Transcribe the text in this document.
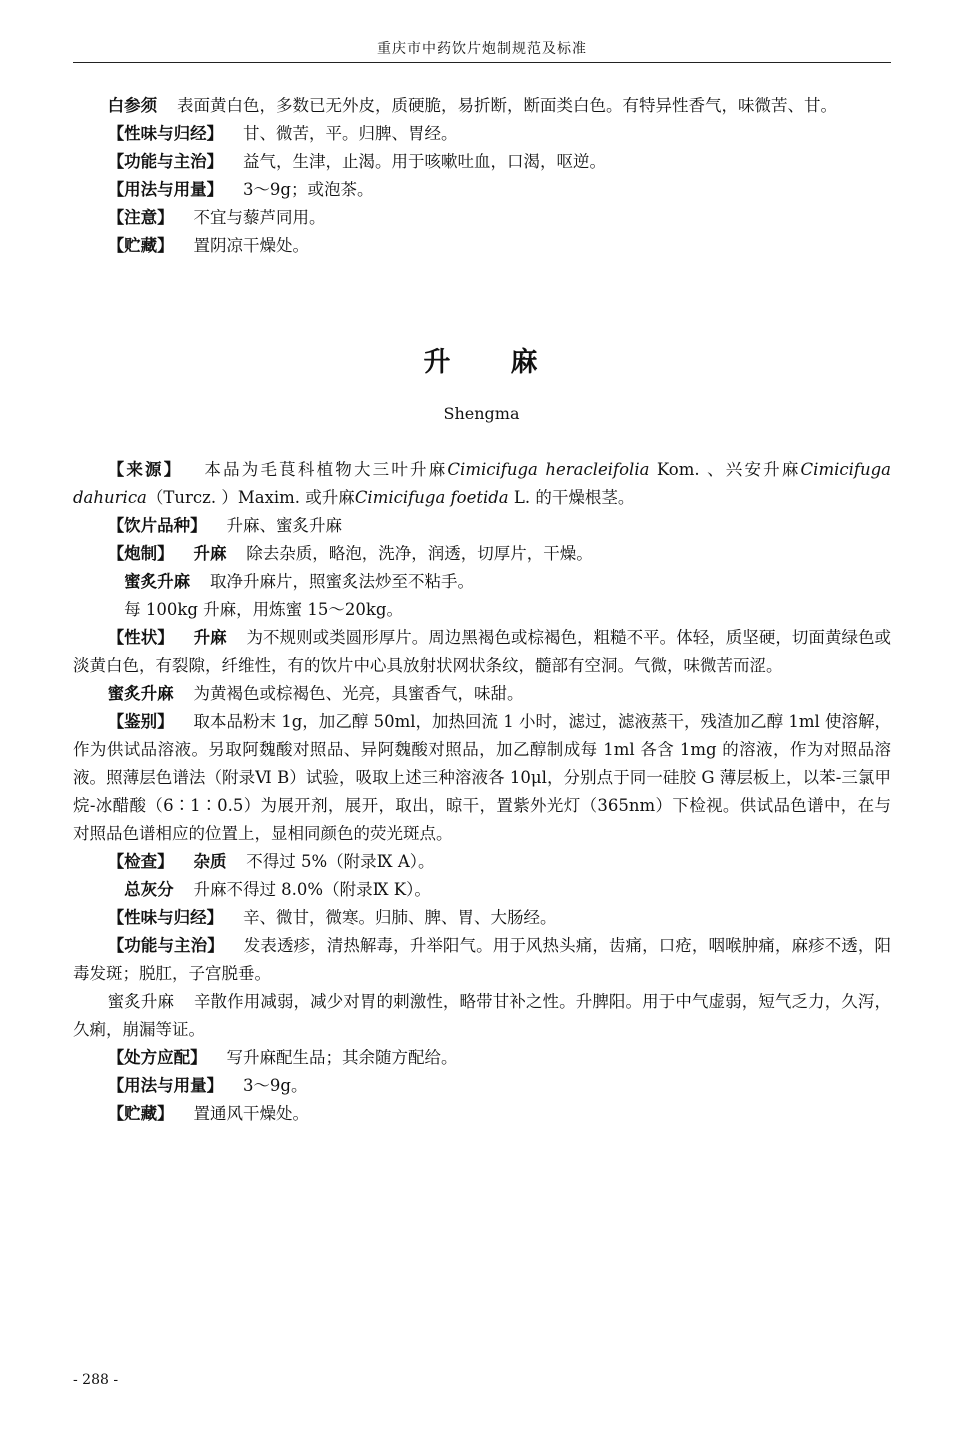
重庆市中药饮片炮制规范及标准

白参须 表面黄白色，多数已无外皮，质硬脆，易折断，断面类白色。有特异性香气，味微苦、甘。

【性味与归经】 甘、微苦，平。归脾、胃经。

【功能与主治】 益气，生津，止渴。用于咳嗽吐血，口渴，呕逆。

【用法与用量】 3～9g；或泡茶。

【注意】 不宜与藜芦同用。

【贮藏】 置阴凉干燥处。

升 麻
Shengma

【来源】 本品为毛茛科植物大三叶升麻Cimicifuga heracleifolia Kom. 、兴安升麻Cimicifuga dahurica（Turcz. ）Maxim. 或升麻Cimicifuga foetida L. 的干燥根茎。

【饮片品种】 升麻、蜜炙升麻

【炮制】 升麻 除去杂质，略泡，洗净，润透，切厚片，干燥。

蜜炙升麻 取净升麻片，照蜜炙法炒至不粘手。

每 100kg 升麻，用炼蜜 15～20kg。

【性状】 升麻 为不规则或类圆形厚片。周边黑褐色或棕褐色，粗糙不平。体轻，质坚硬，切面黄绿色或淡黄白色，有裂隙，纤维性，有的饮片中心具放射状网状条纹，髓部有空洞。气微，味微苦而涩。

蜜炙升麻 为黄褐色或棕褐色、光亮，具蜜香气，味甜。

【鉴别】 取本品粉末 1g，加乙醇 50ml，加热回流 1 小时，滤过，滤液蒸干，残渣加乙醇 1ml 使溶解，作为供试品溶液。另取阿魏酸对照品、异阿魏酸对照品，加乙醇制成每 1ml 各含 1mg 的溶液，作为对照品溶液。照薄层色谱法（附录Ⅵ B）试验，吸取上述三种溶液各 10μl，分别点于同一硅胶 G 薄层板上，以苯-三氯甲烷-冰醋酸（6∶1∶0.5）为展开剂，展开，取出，晾干，置紫外光灯（365nm）下检视。供试品色谱中，在与对照品色谱相应的位置上，显相同颜色的荧光斑点。

【检查】 杂质 不得过 5%（附录Ⅸ A）。

总灰分 升麻不得过 8.0%（附录Ⅸ K）。

【性味与归经】 辛、微甘，微寒。归肺、脾、胃、大肠经。

【功能与主治】 发表透疹，清热解毒，升举阳气。用于风热头痛，齿痛，口疮，咽喉肿痛，麻疹不透，阳毒发斑；脱肛，子宫脱垂。

蜜炙升麻 辛散作用减弱，减少对胃的刺激性，略带甘补之性。升脾阳。用于中气虚弱，短气乏力，久泻，久痢，崩漏等证。

【处方应配】 写升麻配生品；其余随方配给。

【用法与用量】 3～9g。

【贮藏】 置通风干燥处。

- 288 -
